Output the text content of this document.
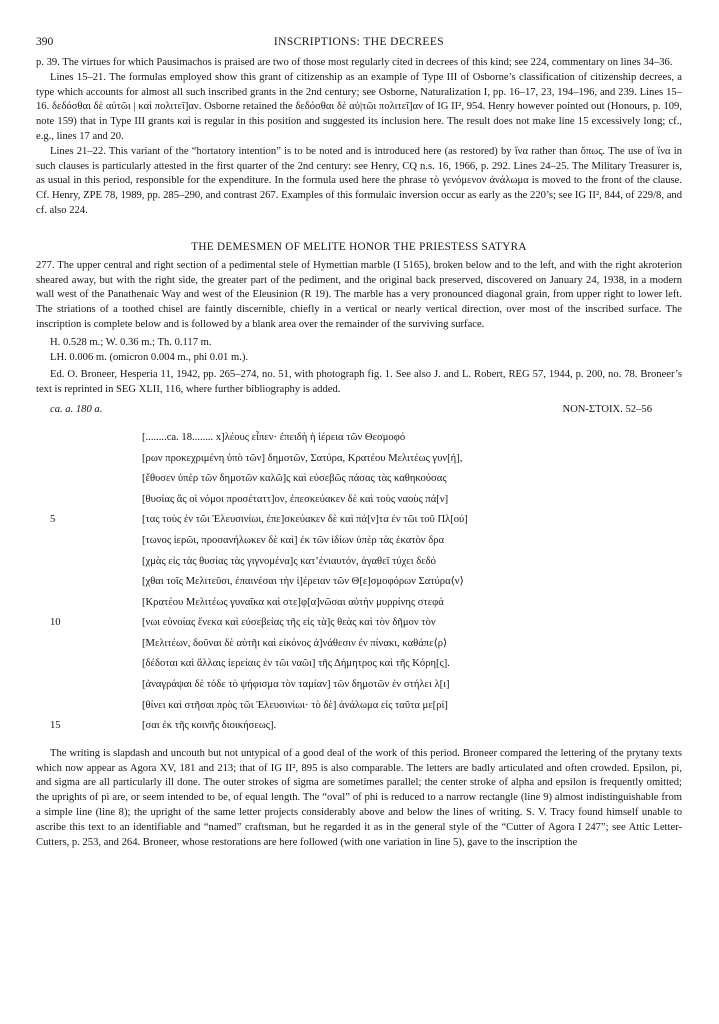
390	INSCRIPTIONS: THE DECREES

p. 39. The virtues for which Pausimachos is praised are two of those most regularly cited in decrees of this kind; see 224, commentary on lines 34–36.

Lines 15–21. The formulas employed show this grant of citizenship as an example of Type III of Osborne’s classification of citizenship decrees, a type which accounts for almost all such inscribed grants in the 2nd century; see Osborne, Naturalization I, pp. 16–17, 23, 194–196, and 239. Lines 15–16. δεδόσθαι δὲ αὐτῶι | καὶ πολιτεῖ]αν. Osborne retained the δεδόσθαι δὲ αὐ|τῶι πολιτεῖ]αν of IG II², 954. Henry however pointed out (Honours, p. 109, note 159) that in Type III grants καὶ is regular in this position and suggested its inclusion here. The result does not make line 15 excessively long; cf., e.g., lines 17 and 20.

Lines 21–22. This variant of the “hortatory intention” is to be noted and is introduced here (as restored) by ἵνα rather than ὅπως. The use of ἵνα in such clauses is particularly attested in the first quarter of the 2nd century: see Henry, CQ n.s. 16, 1966, p. 292. Lines 24–25. The Military Treasurer is, as usual in this period, responsible for the expenditure. In the formula used here the phrase τὸ γενόμενον ἀνάλωμα is moved to the front of the clause. Cf. Henry, ZPE 78, 1989, pp. 285–290, and contrast 267. Examples of this formulaic inversion occur as early as the 220’s; see IG II², 844, of 229/8, and cf. also 224.

THE DEMESMEN OF MELITE HONOR THE PRIESTESS SATYRA

277. The upper central and right section of a pedimental stele of Hymettian marble (I 5165), broken below and to the left, and with the right akroterion sheared away, but with the right side, the greater part of the pediment, and the original back preserved, discovered on January 24, 1938, in a modern wall west of the Panathenaic Way and west of the Eleusinion (R 19). The marble has a very pronounced diagonal grain, from upper right to lower left. The striations of a toothed chisel are faintly discernible, chiefly in a vertical or nearly vertical direction, over most of the inscribed surface. The inscription is complete below and is followed by a blank area over the remainder of the surviving surface.

H. 0.528 m.; W. 0.36 m.; Th. 0.117 m.

LH. 0.006 m. (omicron 0.004 m., phi 0.01 m.).

Ed. O. Broneer, Hesperia 11, 1942, pp. 265–274, no. 51, with photograph fig. 1. See also J. and L. Robert, REG 57, 1944, p. 200, no. 78. Broneer’s text is reprinted in SEG XLII, 116, where further bibliography is added.

ca. a. 180 a.	NON-ΣΤΟΙΧ. 52–56
[........ca. 18........ x]λέους εἶπεν· ἐπειδὴ ἡ ἱέρεια τῶν Θεσμοφό
[ρων προκεχριμένη ὑπὸ τῶν] δημοτῶν, Σατύρα, Κρατέου Μελιτέως γυν[ή],
[ἔθυσεν ὑπὲρ τῶν δημοτῶν καλῶ]ς καὶ εὐσεβῶς πάσας τὰς καθηκούσας
[θυσίας ἃς οἱ νόμοι προσέταττ]ον, ἐπεσκεύακεν δὲ καὶ τοὺς ναοὺς πά[ν]
5	[τας τοὺς ἐν τῶι Ἐλευσινίωι, ἐπε]σκεύακεν δὲ καὶ πά[ν]τα ἐν τῶι τοῦ Πλ[ού]
[τωνος ἱερῶι, προσανήλωκεν δὲ καὶ] ἐκ τῶν ἰδίων ὑπὲρ τὰς ἑκατὸν δρα
[χμὰς εἰς τὰς θυσίας τὰς γιγνομένα]ς κατ’ἐνιαυτόν, ἀγαθεῖ τύχει δεδό
[χθαι τοῖς Μελιτεῦσι, ἐπαινέσαι τὴν ἱ]έρειαν τῶν Θ[ε]σμοφόρων Σατύρα⟨ν⟩
[Κρατέου Μελιτέως γυναῖκα καὶ στε]φ[α]νῶσαι αὐτὴν μυρρίνης στεφά
10	[νωι εὐνοίας ἕνεκα καὶ εὐσεβείας τῆς εἰς τὰ]ς θεὰς καὶ τὸν δῆμον τὸν
[Μελιτέων, δοῦναι δὲ αὐτῆι καὶ εἰκόνος ἀ]νάθεσιν ἐν πίνακι, καθάπε⟨ρ⟩
[δέδοται καὶ ἄλλαις ἱερείαις ἐν τῶι ναῶι] τῆς Δήμητρος καὶ τῆς Κόρη[ς].
[ἀναγράψαι δὲ τόδε τὸ ψήφισμα τὸν ταμίαν] τῶν δημοτῶν ἐν στήλει λ[ι]
[θίνει καὶ στῆσαι πρὸς τῶι Ἐλευσινίωι· τὸ δὲ] ἀνάλωμα εἰς ταῦτα με[ρί]
15	[σαι ἐκ τῆς κοινῆς διοικήσεως].

The writing is slapdash and uncouth but not untypical of a good deal of the work of this period. Broneer compared the lettering of the prytany texts which now appear as Agora XV, 181 and 213; that of IG II², 895 is also comparable. The letters are badly articulated and often crowded. Epsilon, pi, and sigma are all particularly ill done. The outer strokes of sigma are sometimes parallel; the center stroke of alpha and epsilon is frequently omitted; the uprights of pi are, or seem intended to be, of equal length. The “oval” of phi is reduced to a narrow rectangle (line 9) almost indistinguishable from a simple line (line 8); the upright of the same letter projects considerably above and below the lines of writing. S. V. Tracy found himself unable to ascribe this text to an identifiable and “named” craftsman, but he regarded it as in the general style of the “Cutter of Agora I 247”; see Attic Letter-Cutters, p. 253, and 264. Broneer, whose restorations are here followed (with one variation in line 5), gave to the inscription the
